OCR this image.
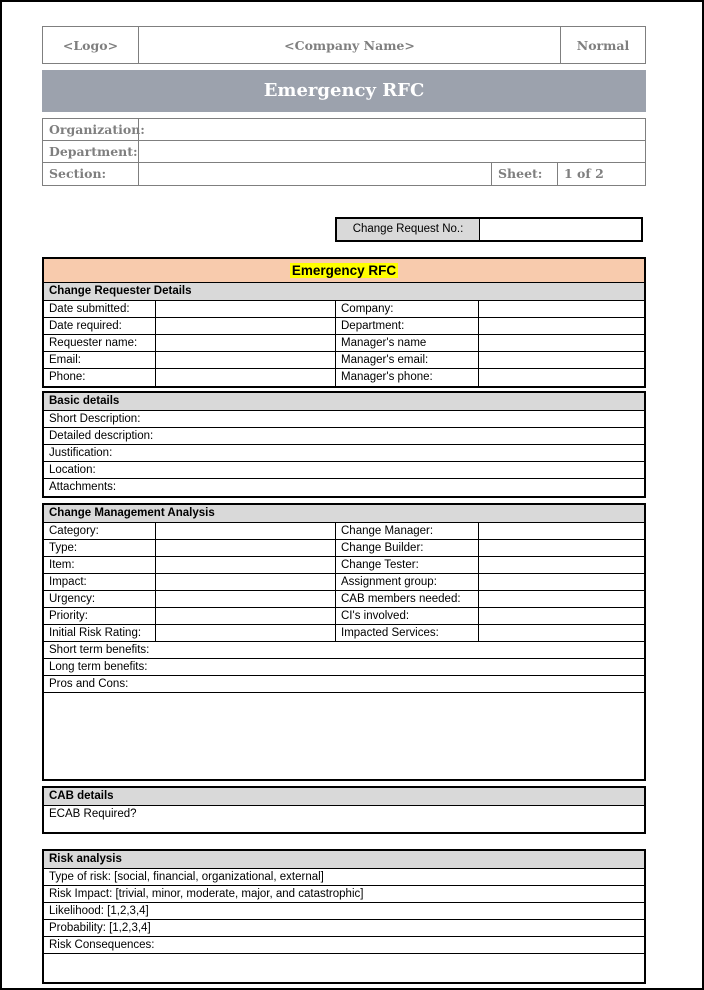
<Logo>	<Company Name>	Normal
Emergency RFC
Organization:
Department:
Section:	Sheet:	1 of 2
Change Request No.:
Emergency RFC
Change Requester Details
Date submitted:	Company:
Date required:	Department:
Requester name:	Manager's name
Email:	Manager's email:
Phone:	Manager's phone:
Basic details
Short Description:
Detailed description:
Justification:
Location:
Attachments:
Change Management Analysis
Category:	Change Manager:
Type:	Change Builder:
Item:	Change Tester:
Impact:	Assignment group:
Urgency:	CAB members needed:
Priority:	CI's involved:
Initial Risk Rating:	Impacted Services:
Short term benefits:
Long term benefits:
Pros and Cons:
CAB details
ECAB Required?
Risk analysis
Type of risk: [social, financial, organizational, external]
Risk Impact: [trivial, minor, moderate, major, and catastrophic]
Likelihood: [1,2,3,4]
Probability: [1,2,3,4]
Risk Consequences:
